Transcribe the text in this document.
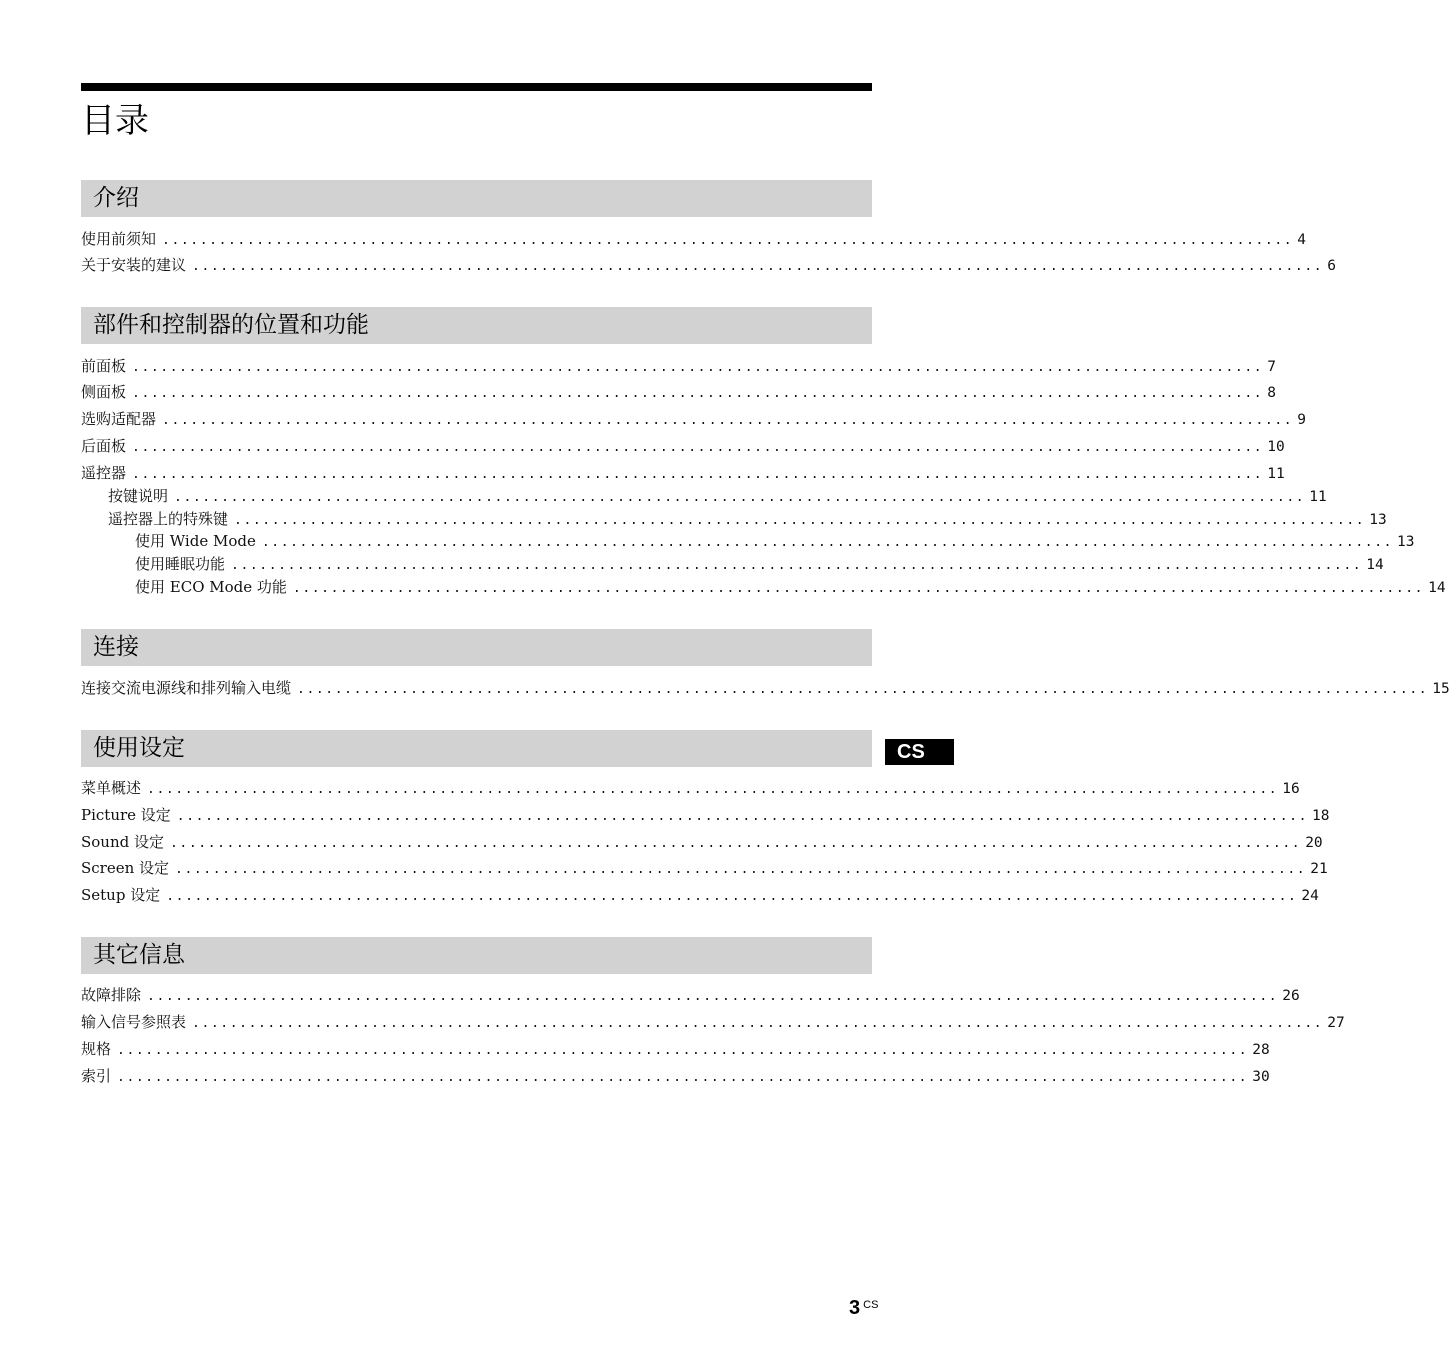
目录
介绍
使用前须知 ........................................................................................................................ 4
关于安装的建议 ........................................................................................................................ 6
部件和控制器的位置和功能
前面板 ........................................................................................................................ 7
侧面板 ........................................................................................................................ 8
选购适配器 ........................................................................................................................ 9
后面板 ........................................................................................................................ 10
遥控器 ........................................................................................................................ 11
按键说明 ........................................................................................................................ 11
遥控器上的特殊键 ........................................................................................................................ 13
使用 Wide Mode ........................................................................................................................ 13
使用睡眠功能 ........................................................................................................................ 14
使用 ECO Mode 功能 ........................................................................................................................ 14
连接
连接交流电源线和排列输入电缆 ........................................................................................................................ 15
使用设定
菜单概述 ........................................................................................................................ 16
Picture 设定 ........................................................................................................................ 18
Sound 设定 ........................................................................................................................ 20
Screen 设定 ........................................................................................................................ 21
Setup 设定 ........................................................................................................................ 24
其它信息
故障排除 ........................................................................................................................ 26
输入信号参照表 ........................................................................................................................ 27
规格 ........................................................................................................................ 28
索引 ........................................................................................................................ 30
CS
3 $^{CS}$
